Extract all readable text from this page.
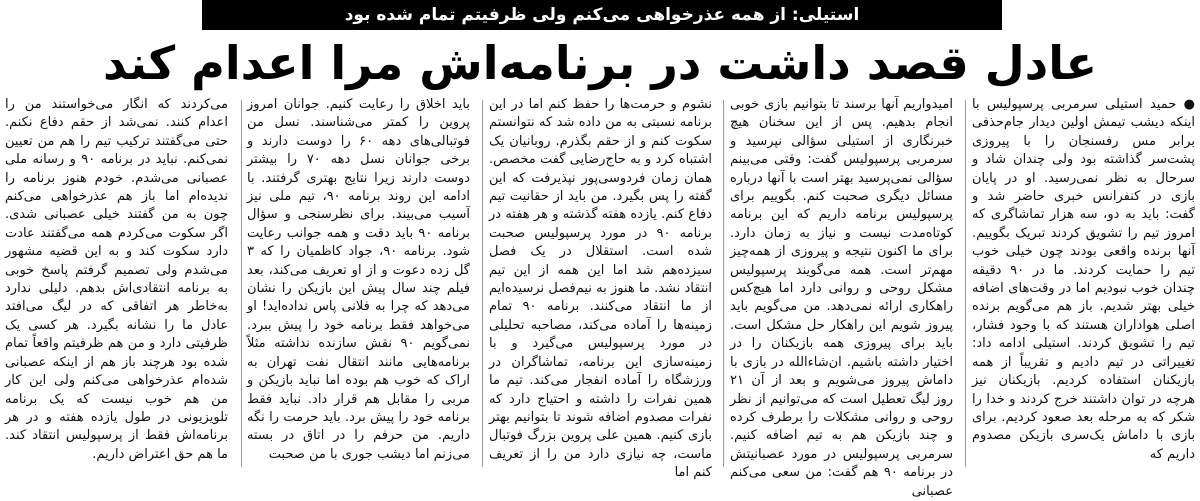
استیلی: از همه عذرخواهی می‌کنم ولی ظرفیتم تمام شده بود
عادل قصد داشت در برنامه‌اش مرا اعدام کند

● حمید استیلی سرمربی پرسپولیس با اینکه دیشب تیمش اولین دیدار جام‌حذفی برابر مس رفسنجان را با پیروزی پشت‌سر گذاشته بود ولی چندان شاد و سرحال به نظر نمی‌رسید. او در پایان بازی در کنفرانس خبری حاضر شد و گفت: باید به دو، سه هزار تماشاگری که امروز تیم را تشویق کردند تبریک بگوییم. آنها برنده واقعی بودند چون خیلی خوب تیم را حمایت کردند. ما در ۹۰ دقیقه چندان خوب نبودیم اما در وقت‌های اضافه خیلی بهتر شدیم. باز هم می‌گویم برنده اصلی هواداران هستند که با وجود فشار، تیم را تشویق کردند. استیلی ادامه داد: تغییراتی در تیم دادیم و تقریباً از همه بازیکنان استفاده کردیم. بازیکنان نیز هرچه در توان داشتند خرج کردند و خدا را شکر که به مرحله بعد صعود کردیم. برای بازی با داماش یک‌سری بازیکن مصدوم داریم که

امیدواریم آنها برسند تا بتوانیم بازی خوبی انجام بدهیم. پس از این سخنان هیچ خبرنگاری از استیلی سؤالی نپرسید و سرمربی پرسپولیس گفت: وقتی می‌بینم سؤالی نمی‌پرسید بهتر است با آنها درباره مسائل دیگری صحبت کنم. بگوییم برای پرسپولیس برنامه داریم که این برنامه کوتاه‌مدت نیست و نیاز به زمان دارد. برای ما اکنون نتیجه و پیروزی از همه‌چیز مهم‌تر است. همه می‌گویند پرسپولیس مشکل روحی و روانی دارد اما هیچ‌کس راهکاری ارائه نمی‌دهد. من می‌گویم باید پیروز شویم این راهکار حل مشکل است. باید برای پیروزی همه بازیکنان را در اختیار داشته باشیم. ان‌شاءالله در بازی با داماش پیروز می‌شویم و بعد از آن ۲۱ روز لیگ تعطیل است که می‌توانیم از نظر روحی و روانی مشکلات را برطرف کرده و چند بازیکن هم به تیم اضافه کنیم. سرمربی پرسپولیس در مورد عصبانیتش در برنامه ۹۰ هم گفت: من سعی می‌کنم عصبانی

نشوم و حرمت‌ها را حفظ کنم اما در این برنامه نسبتی به من داده شد که نتوانستم سکوت کنم و از حقم بگذرم. روبانیان یک اشتباه کرد و به حاج‌رضایی گفت مخصص. همان زمان فردوسی‌پور نپذیرفت که این گفته را پس بگیرد. من باید از حقانیت تیم دفاع کنم. یازده هفته گذشته و هر هفته در برنامه ۹۰ در مورد پرسپولیس صحبت شده است. استقلال در یک فصل سیزده‌هم شد اما این همه از این تیم انتقاد نشد. ما هنوز به نیم‌فصل نرسیده‌ایم از ما انتقاد می‌کنند. برنامه ۹۰ تمام زمینه‌ها را آماده می‌کند، مصاحبه تحلیلی در مورد پرسپولیس می‌گیرد و با زمینه‌سازی این برنامه، تماشاگران در ورزشگاه را آماده انفجار می‌کند. تیم ما همین نفرات را داشته و احتیاج دارد که نفرات مصدوم اضافه شوند تا بتوانیم بهتر بازی کنیم. همین علی پروین بزرگ فوتبال ماست، چه نیازی دارد من را از تعریف کنم اما

باید اخلاق را رعایت کنیم. جوانان امروز پروین را کمتر می‌شناسند. نسل من فوتبالی‌های دهه ۶۰ را دوست دارند و برخی جوانان نسل دهه ۷۰ را بیشتر دوست دارند زیرا نتایج بهتری گرفتند. با ادامه این روند برنامه ۹۰، تیم ملی نیز آسیب می‌بیند. برای نظرسنجی و سؤال برنامه ۹۰ باید دقت و همه جوانب رعایت شود. برنامه ۹۰، جواد کاظمیان را که ۳ گل زده دعوت و از او تعریف می‌کند، بعد فیلم چند سال پیش این بازیکن را نشان می‌دهد که چرا به فلانی پاس نداده‌اید! او می‌خواهد فقط برنامه خود را پیش ببرد. نمی‌گویم ۹۰ نقش سازنده نداشته مثلاً برنامه‌هایی مانند انتقال نفت تهران به اراک که خوب هم بوده اما نباید بازیکن و مربی را مقابل هم قرار داد. نباید فقط برنامه خود را پیش برد. باید حرمت را نگه داریم. من حرفم را در اتاق در بسته می‌زنم اما دیشب جوری با من صحبت

می‌کردند که انگار می‌خواستند من را اعدام کنند. نمی‌شد از حقم دفاع نکنم. حتی می‌گفتند ترکیب تیم را هم من تعیین نمی‌کنم. نباید در برنامه ۹۰ و رسانه ملی عصبانی می‌شدم. خودم هنوز برنامه را ندیده‌ام اما باز هم عذرخواهی می‌کنم چون به من گفتند خیلی عصبانی شدی. اگر سکوت می‌کردم همه می‌گفتند عادت دارد سکوت کند و به این قضیه مشهور می‌شدم ولی تصمیم گرفتم پاسخ خوبی به برنامه انتقادی‌اش بدهم. دلیلی ندارد به‌خاطر هر اتفاقی که در لیگ می‌افتد عادل ما را نشانه بگیرد. هر کسی یک ظرفیتی دارد و من هم ظرفیتم واقعاً تمام شده بود هرچند باز هم از اینکه عصبانی شده‌ام عذرخواهی می‌کنم ولی این کار من هم خوب نیست که یک برنامه تلویزیونی در طول یازده هفته و در هر برنامه‌اش فقط از پرسپولیس انتقاد کند. ما هم حق اعتراض داریم.
